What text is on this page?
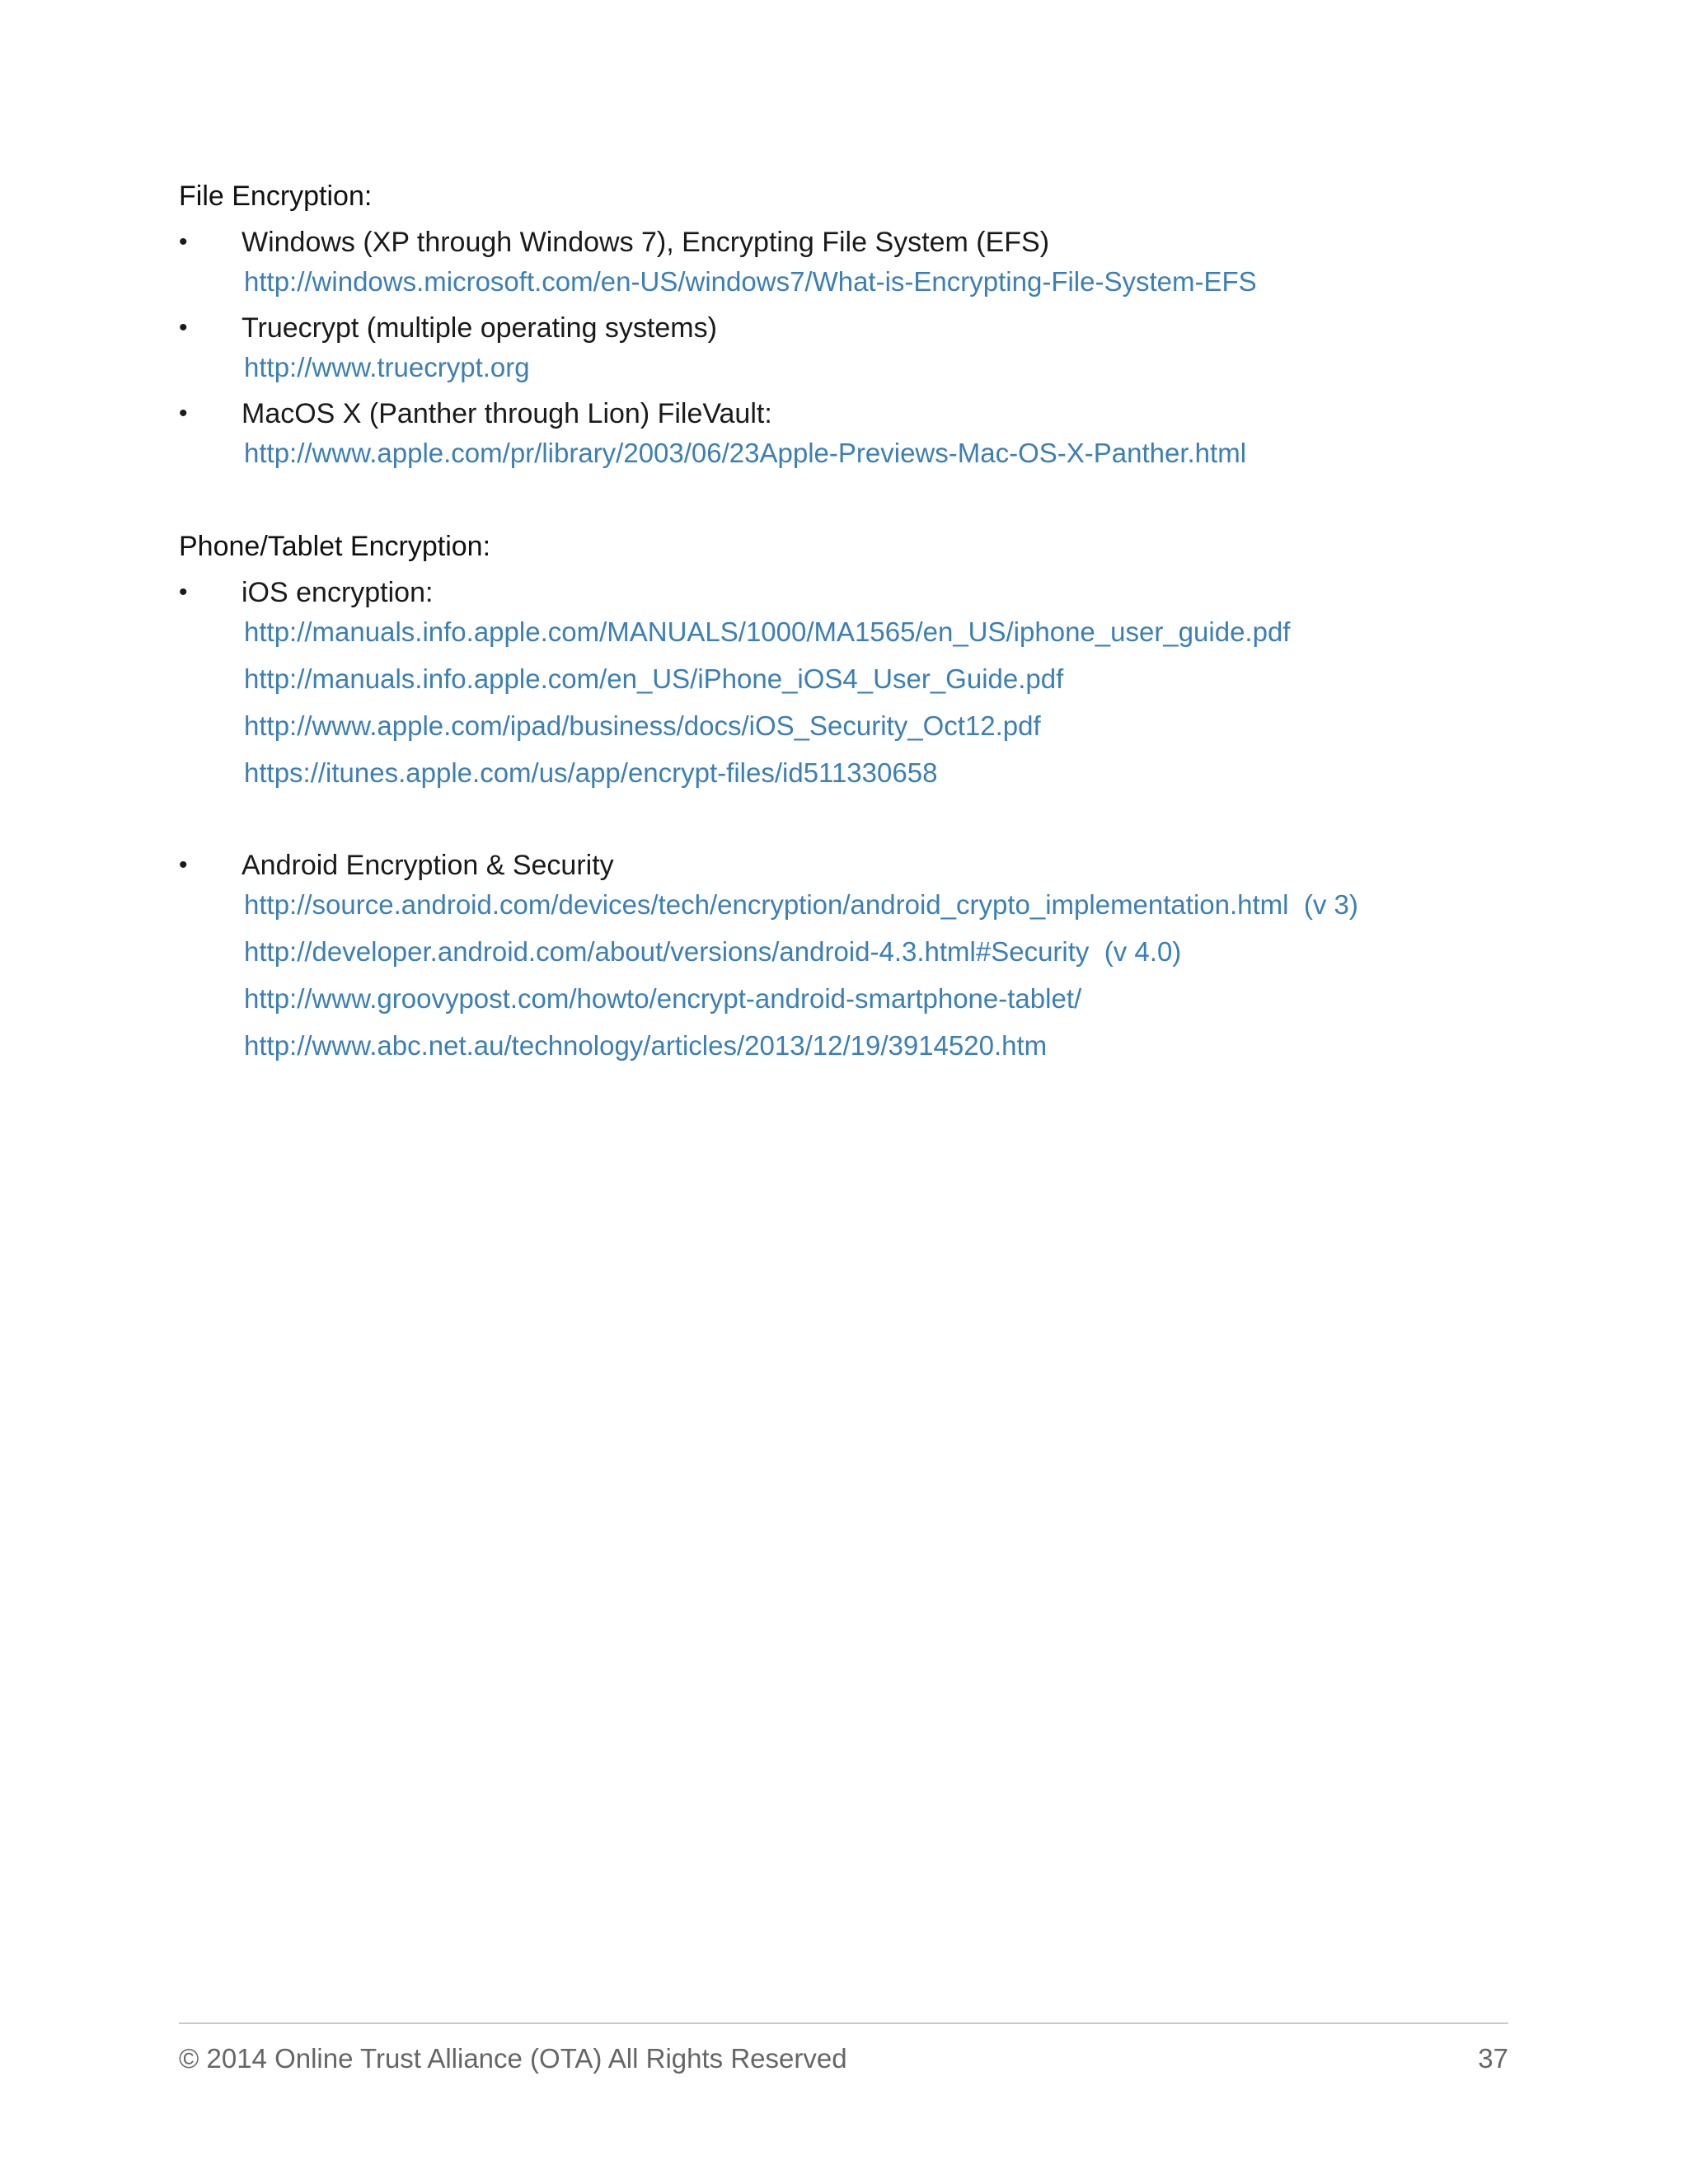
File Encryption:
•	Windows (XP through Windows 7), Encrypting File System (EFS)
http://windows.microsoft.com/en-US/windows7/What-is-Encrypting-File-System-EFS
•	Truecrypt (multiple operating systems)
http://www.truecrypt.org
•	MacOS X (Panther through Lion) FileVault:
http://www.apple.com/pr/library/2003/06/23Apple-Previews-Mac-OS-X-Panther.html
Phone/Tablet Encryption:
•	iOS encryption:
http://manuals.info.apple.com/MANUALS/1000/MA1565/en_US/iphone_user_guide.pdf
http://manuals.info.apple.com/en_US/iPhone_iOS4_User_Guide.pdf
http://www.apple.com/ipad/business/docs/iOS_Security_Oct12.pdf
https://itunes.apple.com/us/app/encrypt-files/id511330658
•	Android Encryption & Security
http://source.android.com/devices/tech/encryption/android_crypto_implementation.html  (v 3)
http://developer.android.com/about/versions/android-4.3.html#Security  (v 4.0)
http://www.groovypost.com/howto/encrypt-android-smartphone-tablet/
http://www.abc.net.au/technology/articles/2013/12/19/3914520.htm
© 2014 Online Trust Alliance (OTA) All Rights Reserved	37
